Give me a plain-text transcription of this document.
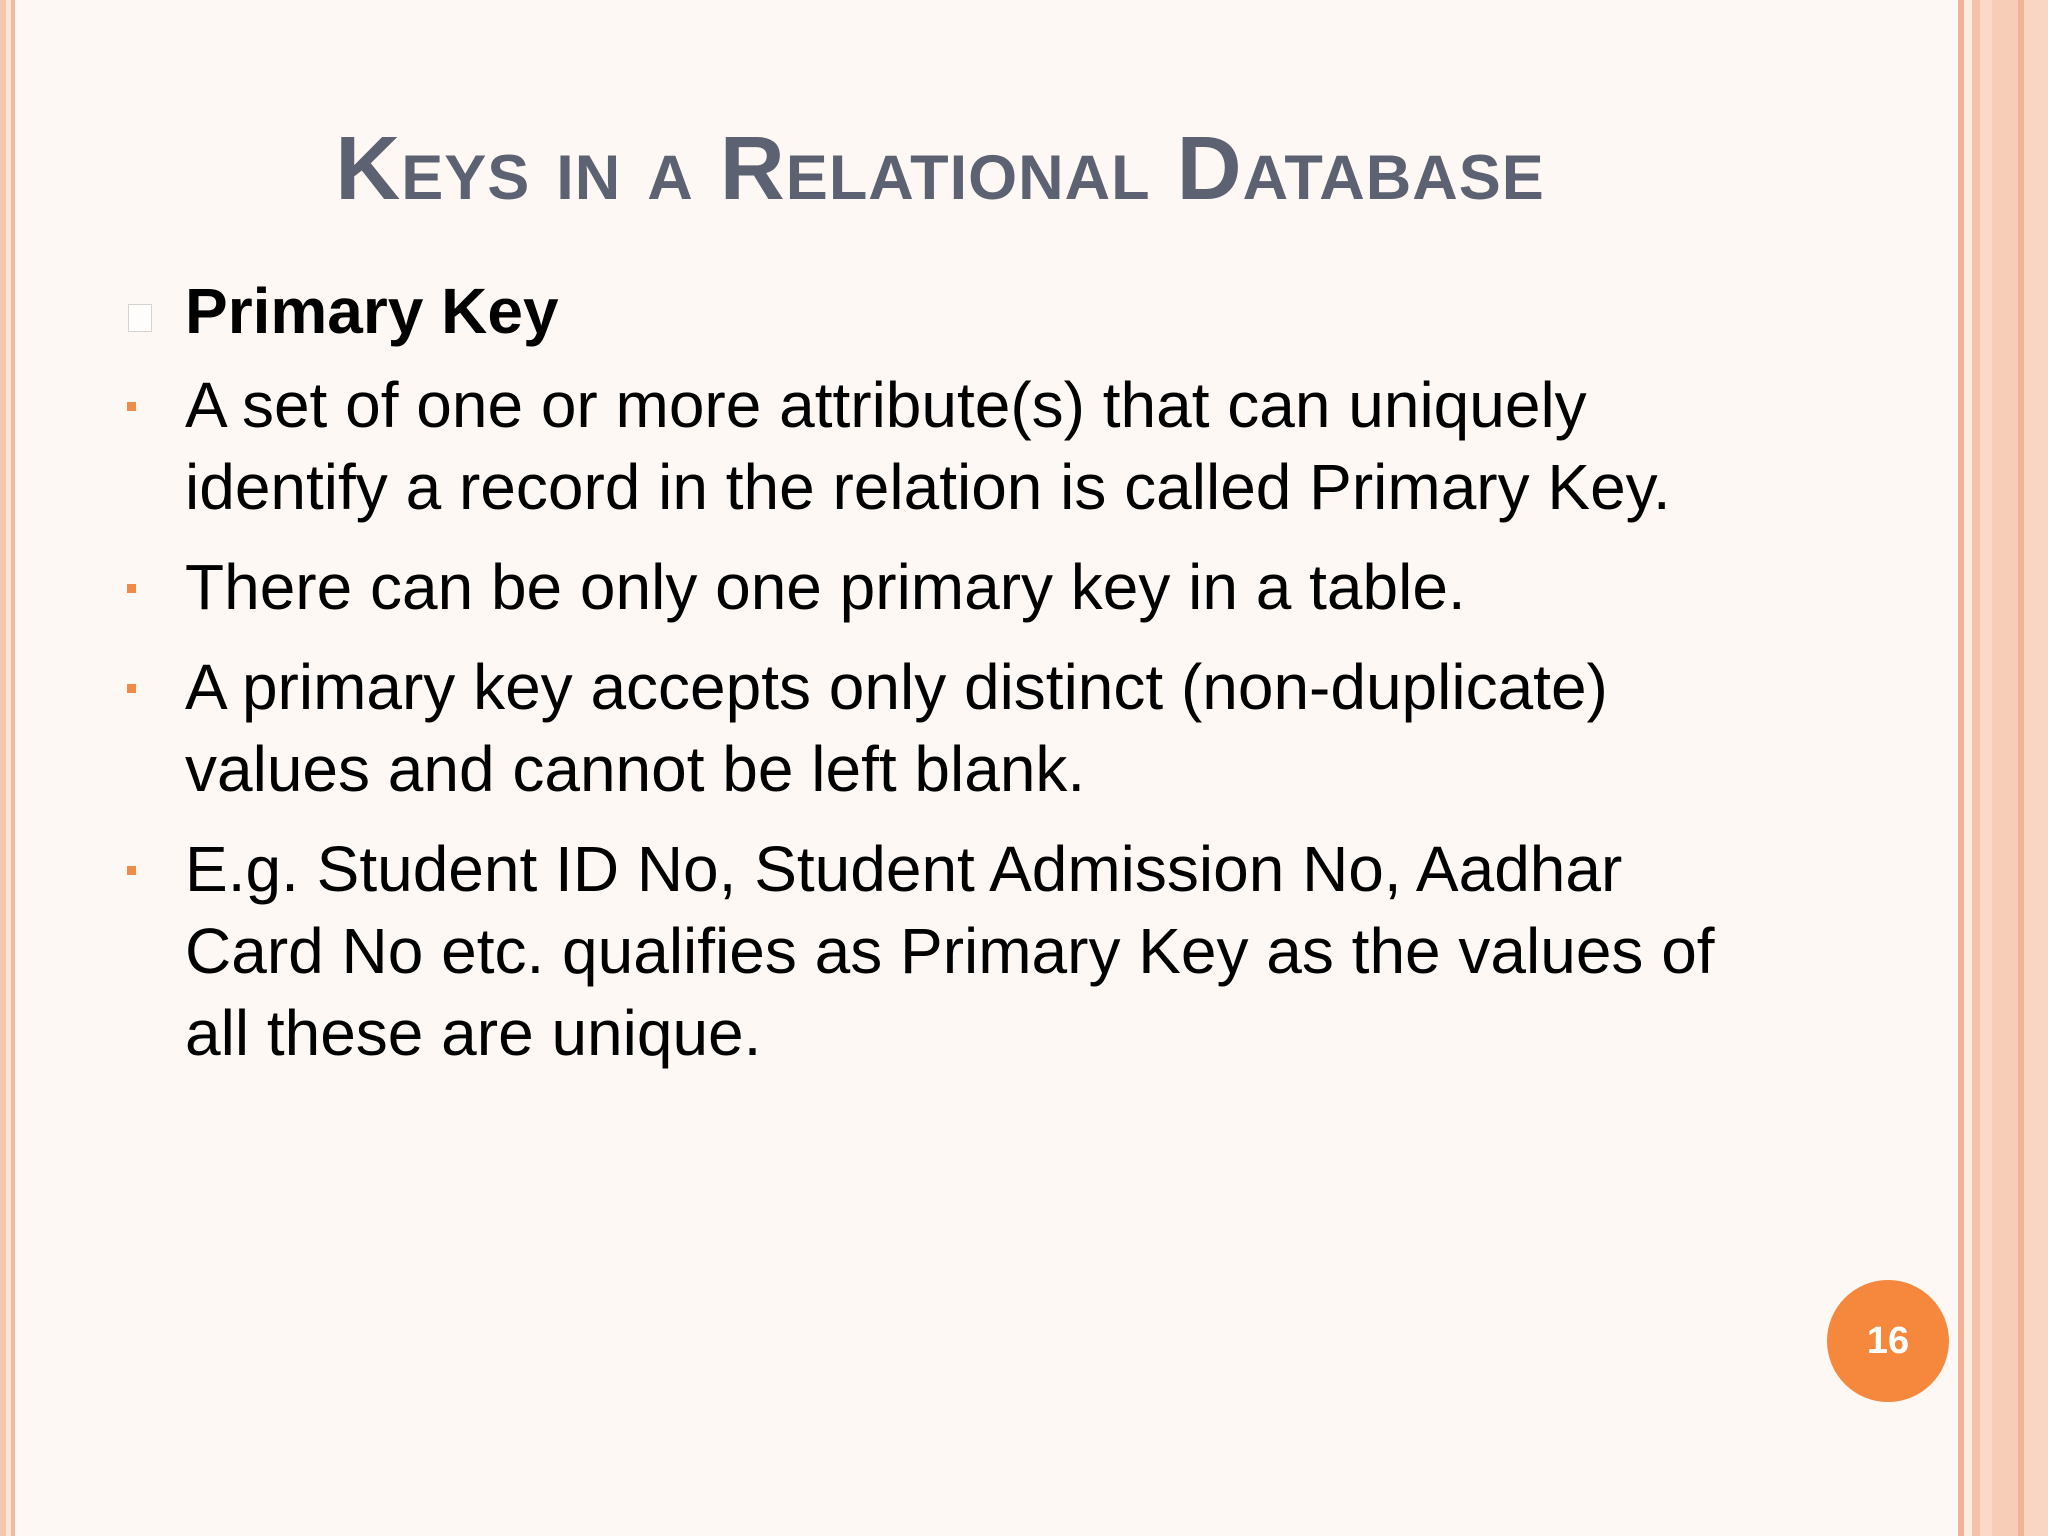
Keys in a Relational Database
Primary Key
A set of one or more attribute(s) that can uniquely identify a record in the relation is called Primary Key.
There can be only one primary key in a table.
A primary key accepts only distinct (non-duplicate) values and cannot be left blank.
E.g. Student ID No, Student Admission No, Aadhar Card No etc. qualifies as Primary Key as the values of all these are unique.
16
